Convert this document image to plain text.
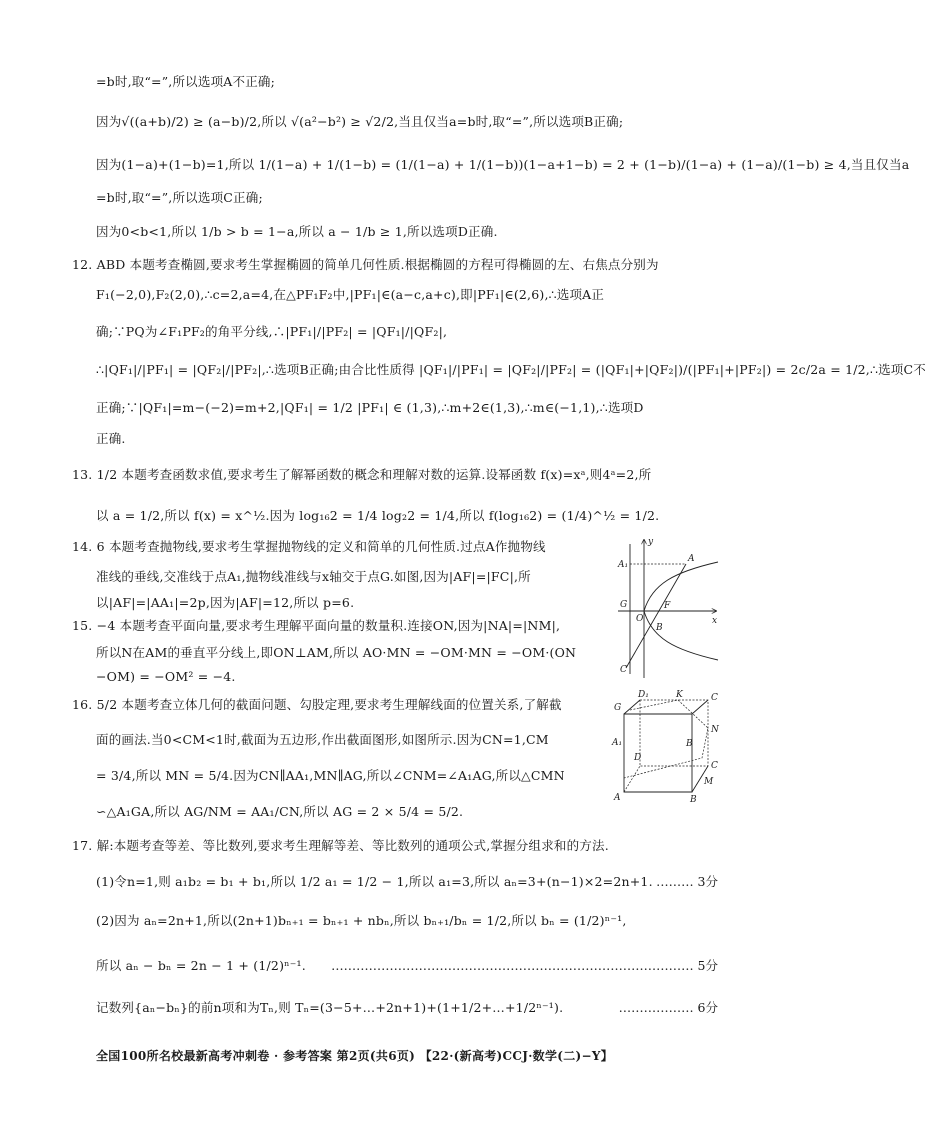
=b时,取“=”,所以选项A不正确;
因为√((a+b)/2) ≥ (a−b)/2,所以 √(a²−b²) ≥ √2/2,当且仅当a=b时,取“=”,所以选项B正确;
因为(1−a)+(1−b)=1,所以 1/(1−a) + 1/(1−b) = (1/(1−a) + 1/(1−b))(1−a+1−b) = 2 + (1−b)/(1−a) + (1−a)/(1−b) ≥ 4,当且仅当a
=b时,取“=”,所以选项C正确;
因为0<b<1,所以 1/b > b = 1−a,所以 a − 1/b ≥ 1,所以选项D正确.
12. ABD 本题考查椭圆,要求考生掌握椭圆的简单几何性质.根据椭圆的方程可得椭圆的左、右焦点分别为
F₁(−2,0),F₂(2,0),∴c=2,a=4,在△PF₁F₂中,|PF₁|∈(a−c,a+c),即|PF₁|∈(2,6),∴选项A正
确;∵PQ为∠F₁PF₂的角平分线,∴|PF₁|/|PF₂| = |QF₁|/|QF₂|,
∴|QF₁|/|PF₁| = |QF₂|/|PF₂|,∴选项B正确;由合比性质得 |QF₁|/|PF₁| = |QF₂|/|PF₂| = (|QF₁|+|QF₂|)/(|PF₁|+|PF₂|) = 2c/2a = 1/2,∴选项C不
正确;∵|QF₁|=m−(−2)=m+2,|QF₁| = 1/2 |PF₁| ∈ (1,3),∴m+2∈(1,3),∴m∈(−1,1),∴选项D
正确.
13. 1/2 本题考查函数求值,要求考生了解幂函数的概念和理解对数的运算.设幂函数 f(x)=xᵃ,则4ᵃ=2,所
以 a = 1/2,所以 f(x) = x^½.因为 log₁₆2 = 1/4 log₂2 = 1/4,所以 f(log₁₆2) = (1/4)^½ = 1/2.
14. 6 本题考查抛物线,要求考生掌握抛物线的定义和简单的几何性质.过点A作抛物线
准线的垂线,交准线于点A₁,抛物线准线与x轴交于点G.如图,因为|AF|=|FC|,所
以|AF|=|AA₁|=2p,因为|AF|=12,所以 p=6.
15. −4 本题考查平面向量,要求考生理解平面向量的数量积.连接ON,因为|NA|=|NM|,
所以N在AM的垂直平分线上,即ON⊥AM,所以 AO·MN = −OM·MN = −OM·(ON
−OM) = −OM² = −4.
16. 5/2 本题考查立体几何的截面问题、勾股定理,要求考生理解线面的位置关系,了解截
面的画法.当0<CM<1时,截面为五边形,作出截面图形,如图所示.因为CN=1,CM
= 3/4,所以 MN = 5/4.因为CN∥AA₁,MN∥AG,所以∠CNM=∠A₁AG,所以△CMN
∽△A₁GA,所以 AG/NM = AA₁/CN,所以 AG = 2 × 5/4 = 5/2.
17. 解:本题考查等差、等比数列,要求考生理解等差、等比数列的通项公式,掌握分组求和的方法.
(1)令n=1,则 a₁b₂ = b₁ + b₁,所以 1/2 a₁ = 1/2 − 1,所以 a₁=3,所以 aₙ=3+(n−1)×2=2n+1. ……… 3分
(2)因为 aₙ=2n+1,所以(2n+1)bₙ₊₁ = bₙ₊₁ + nbₙ,所以 bₙ₊₁/bₙ = 1/2,所以 bₙ = (1/2)ⁿ⁻¹,
所以 aₙ − bₙ = 2n − 1 + (1/2)ⁿ⁻¹. …………………………………………………………………………… 5分
记数列{aₙ−bₙ}的前n项和为Tₙ,则 Tₙ=(3−5+…+2n+1)+(1+1/2+…+1/2ⁿ⁻¹).	……………… 6分
y
x
A
A₁
G
O
F
B
C
D₁	K	C
G
A₁	B
N
D
C
M
A	B
全国100所名校最新高考冲刺卷 · 参考答案 第2页(共6页) 【22·(新高考)CCJ·数学(二)−Y】
